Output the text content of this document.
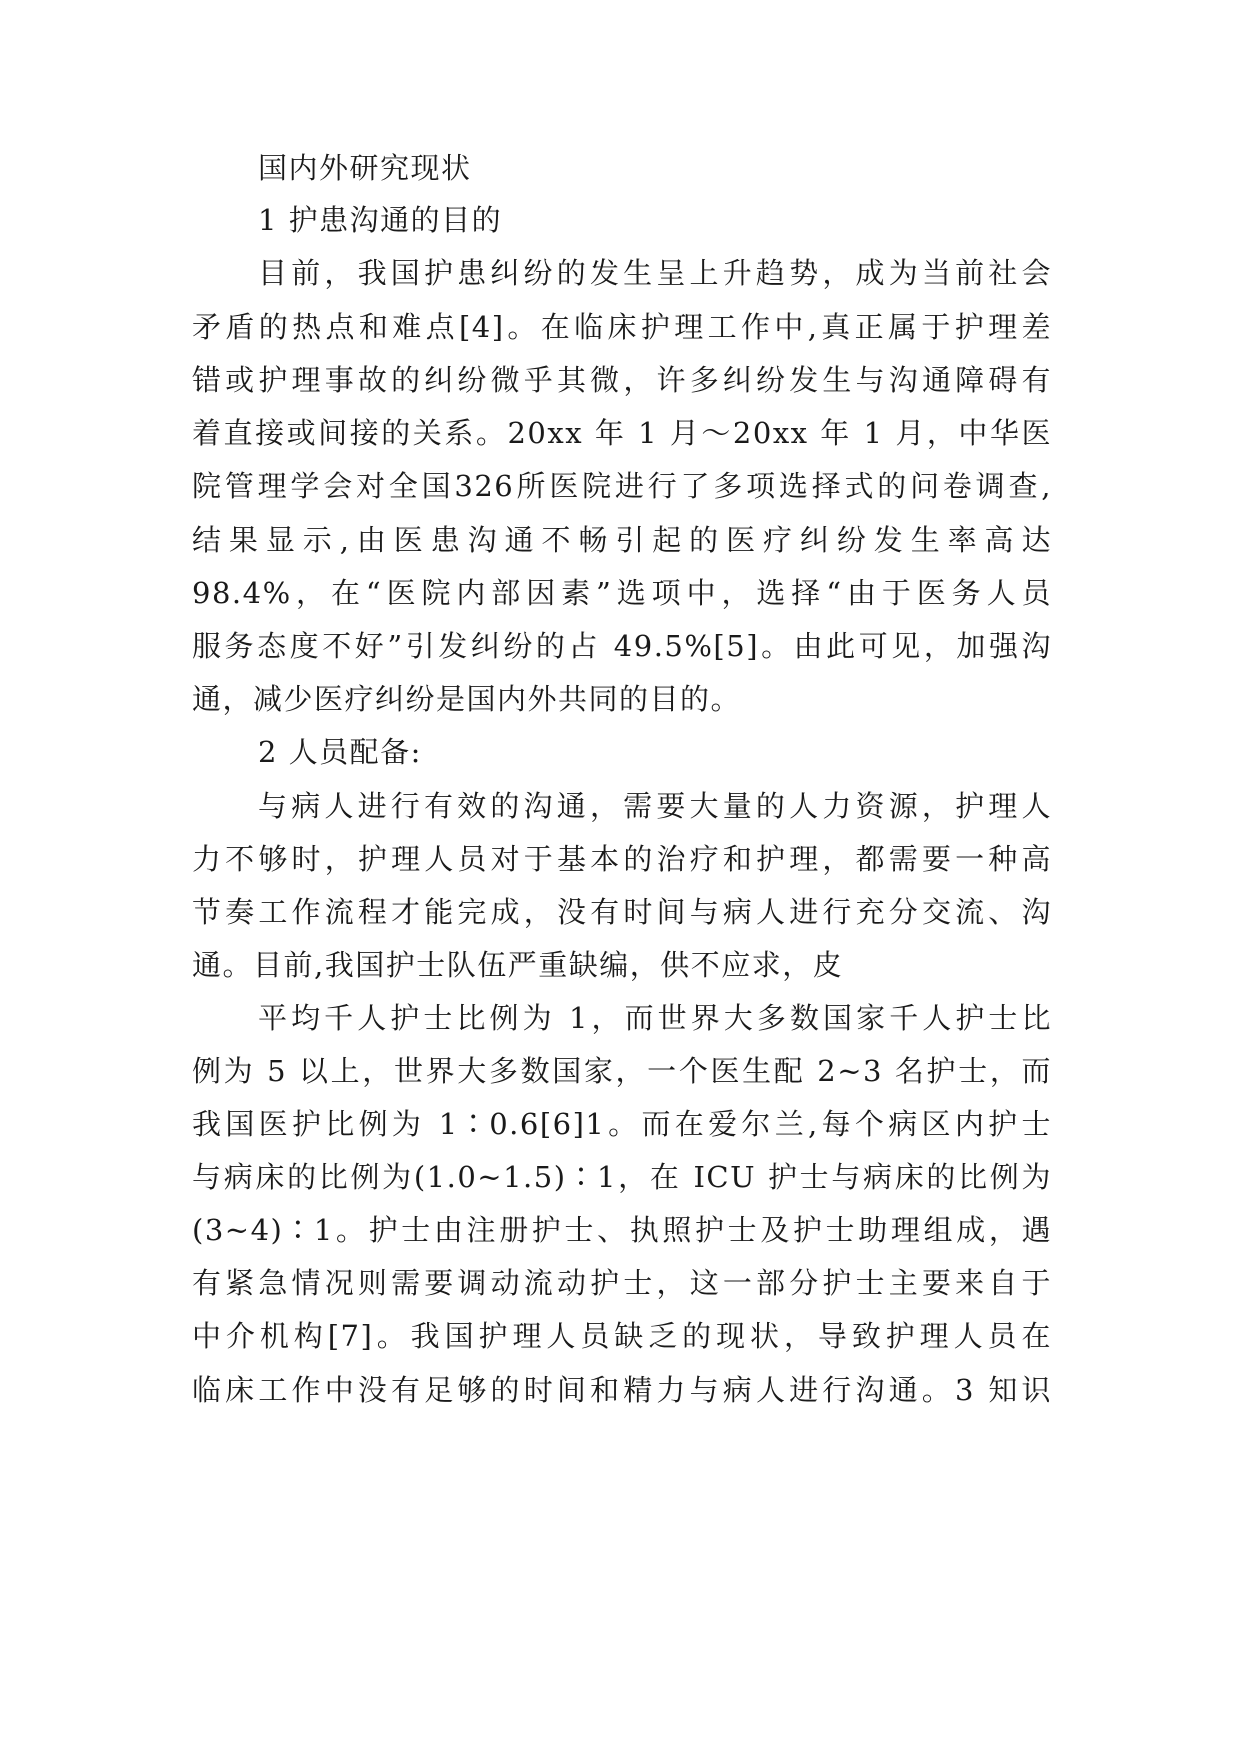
国内外研究现状
1 护患沟通的目的
目前，我国护患纠纷的发生呈上升趋势，成为当前社会
矛盾的热点和难点[4]。在临床护理工作中,真正属于护理差
错或护理事故的纠纷微乎其微，许多纠纷发生与沟通障碍有
着直接或间接的关系。20xx 年 1 月～20xx 年 1 月，中华医
院管理学会对全国326所医院进行了多项选择式的问卷调查,
结果显示,由医患沟通不畅引起的医疗纠纷发生率高达
98.4%，在“医院内部因素”选项中，选择“由于医务人员
服务态度不好”引发纠纷的占 49.5%[5]。由此可见，加强沟
通，减少医疗纠纷是国内外共同的目的。
2 人员配备:
与病人进行有效的沟通，需要大量的人力资源，护理人
力不够时，护理人员对于基本的治疗和护理，都需要一种高
节奏工作流程才能完成，没有时间与病人进行充分交流、沟
通。目前,我国护士队伍严重缺编，供不应求，皮
平均千人护士比例为 1，而世界大多数国家千人护士比
例为 5 以上，世界大多数国家，一个医生配 2~3 名护士，而
我国医护比例为 1∶0.6[6]1。而在爱尔兰,每个病区内护士
与病床的比例为(1.0~1.5)∶1，在 ICU 护士与病床的比例为
(3~4)∶1。护士由注册护士、执照护士及护士助理组成，遇
有紧急情况则需要调动流动护士，这一部分护士主要来自于
中介机构[7]。我国护理人员缺乏的现状，导致护理人员在
临床工作中没有足够的时间和精力与病人进行沟通。3 知识
